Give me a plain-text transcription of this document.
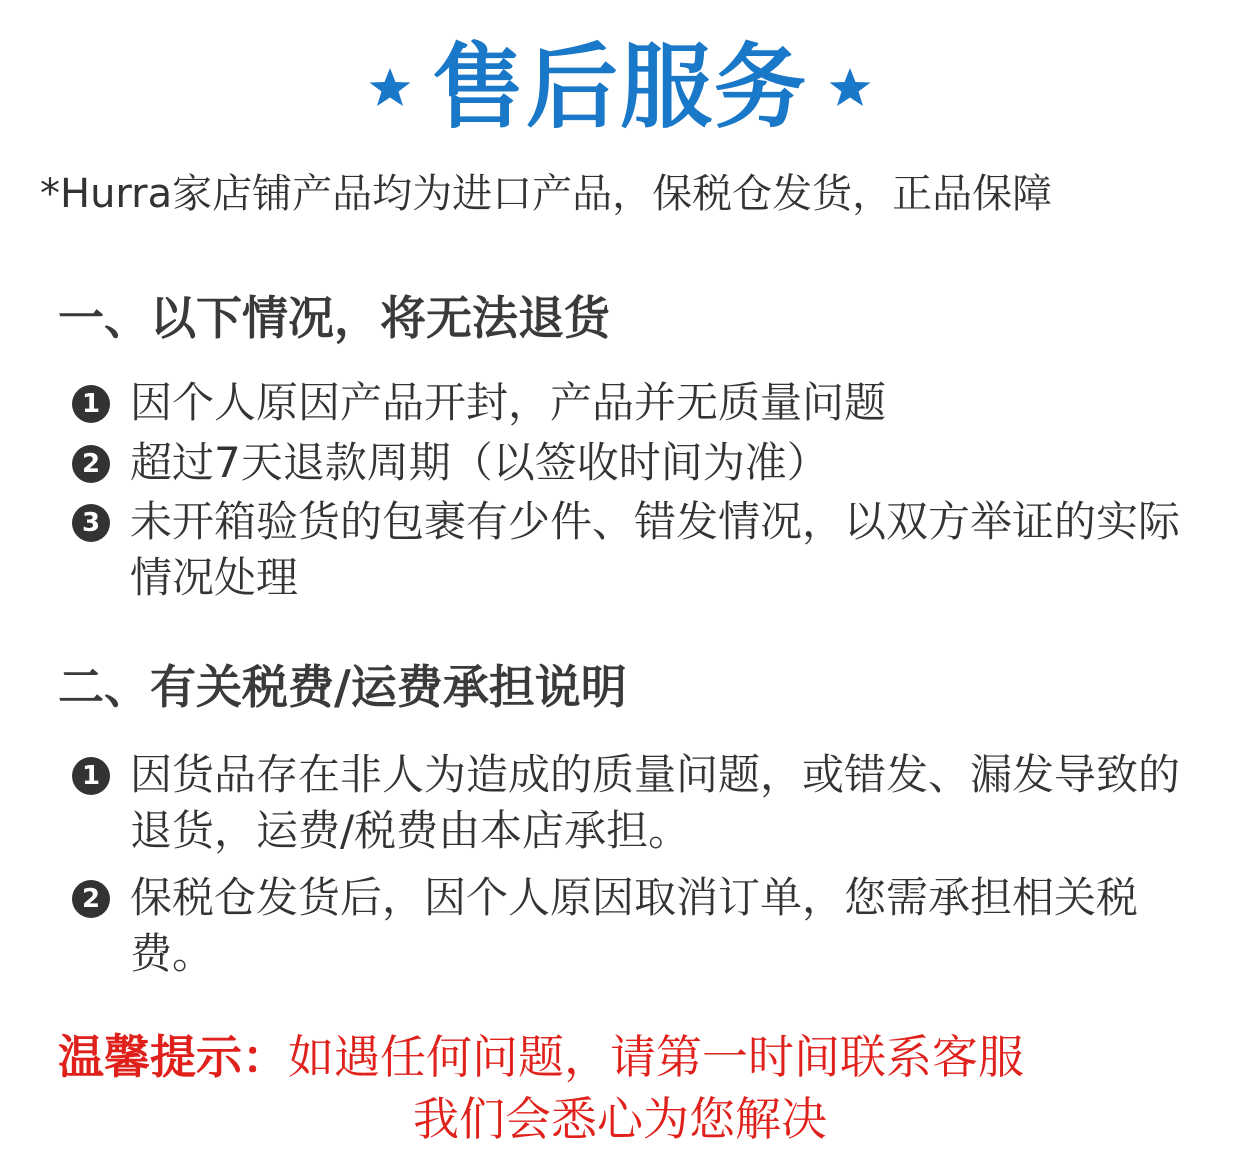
售后服务
*Hurra家店铺产品均为进口产品，保税仓发货，正品保障
一、以下情况，将无法退货
1 因个人原因产品开封，产品并无质量问题
2 超过7天退款周期（以签收时间为准）
3 未开箱验货的包裹有少件、错发情况，以双方举证的实际情况处理
二、有关税费/运费承担说明
1 因货品存在非人为造成的质量问题，或错发、漏发导致的退货，运费/税费由本店承担。
2 保税仓发货后，因个人原因取消订单，您需承担相关税费。
温馨提示：如遇任何问题，请第一时间联系客服
我们会悉心为您解决
